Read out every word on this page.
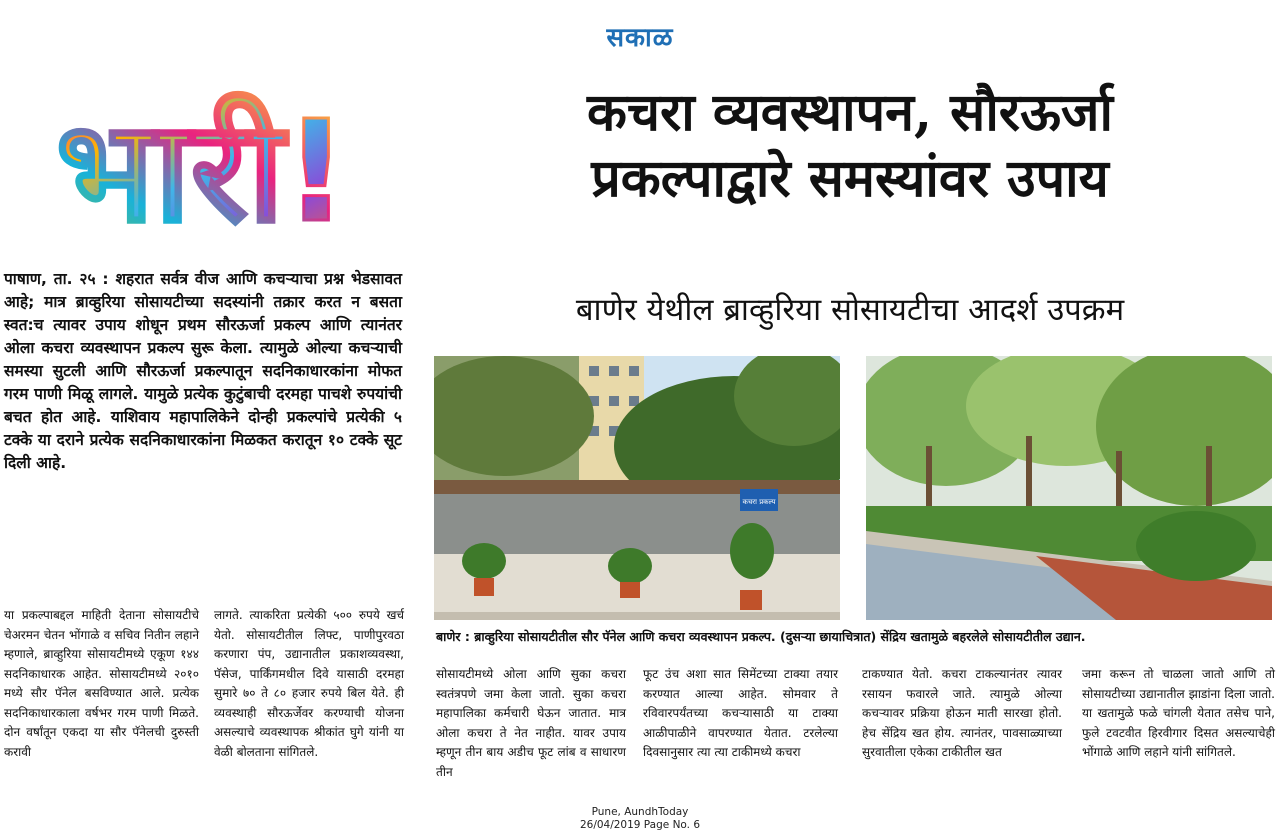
सकाळ
भारी!	कचरा व्यवस्थापन, सौरऊर्जा
प्रकल्पाद्वारे समस्यांवर उपाय
बाणेर येथील ब्राव्हुरिया सोसायटीचा आदर्श उपक्रम
पाषाण, ता. २५ : शहरात सर्वत्र वीज आणि कचऱ्याचा प्रश्न भेडसावत आहे; मात्र ब्राव्हुरिया सोसायटीच्या सदस्यांनी तक्रार करत न बसता स्वत:च त्यावर उपाय शोधून प्रथम सौरऊर्जा प्रकल्प आणि त्यानंतर ओला कचरा व्यवस्थापन प्रकल्प सुरू केला. त्यामुळे ओल्या कचऱ्याची समस्या सुटली आणि सौरऊर्जा प्रकल्पातून सदनिकाधारकांना मोफत गरम पाणी मिळू लागले. यामुळे प्रत्येक कुटुंबाची दरमहा पाचशे रुपयांची बचत होत आहे. याशिवाय महापालिकेने दोन्ही प्रकल्पांचे प्रत्येकी ५ टक्के या दराने प्रत्येक सदनिकाधारकांना मिळकत करातून १० टक्के सूट दिली आहे.
या प्रकल्पाबद्दल माहिती देताना सोसायटीचे चेअरमन चेतन भोंगाळे व सचिव नितीन लहाने म्हणाले, ब्राव्हुरिया सोसायटीमध्ये एकूण १४४ सदनिकाधारक आहेत. सोसायटीमध्ये २०१० मध्ये सौर पॅनेल बसविण्यात आले. प्रत्येक सदनिकाधारकाला वर्षभर गरम पाणी मिळते. दोन वर्षांतून एकदा या सौर पॅनेलची दुरुस्ती करावी
लागते. त्याकरिता प्रत्येकी ५०० रुपये खर्च येतो. सोसायटीतील लिफ्ट, पाणीपुरवठा करणारा पंप, उद्यानातील प्रकाशव्यवस्था, पॅसेज, पार्किंगमधील दिवे यासाठी दरमहा सुमारे ७० ते ८० हजार रुपये बिल येते. ही व्यवस्थाही सौरऊर्जेवर करण्याची योजना असल्याचे व्यवस्थापक श्रीकांत घुगे यांनी या वेळी बोलताना सांगितले.
कचरा प्रकल्प
बाणेर : ब्राव्हुरिया सोसायटीतील सौर पॅनेल आणि कचरा व्यवस्थापन प्रकल्प. (दुसऱ्या छायाचित्रात) सेंद्रिय खतामुळे बहरलेले सोसायटीतील उद्यान.
सोसायटीमध्ये ओला आणि सुका कचरा स्वतंत्रपणे जमा केला जातो. सुका कचरा महापालिका कर्मचारी घेऊन जातात. मात्र ओला कचरा ते नेत नाहीत. यावर उपाय म्हणून तीन बाय अडीच फूट लांब व साधारण तीन
फूट उंच अशा सात सिमेंटच्या टाक्या तयार करण्यात आल्या आहेत. सोमवार ते रविवारपर्यंतच्या कचऱ्यासाठी या टाक्या आळीपाळीने वापरण्यात येतात. टरलेल्या दिवसानुसार त्या त्या टाकीमध्ये कचरा
टाकण्यात येतो. कचरा टाकल्यानंतर त्यावर रसायन फवारले जाते. त्यामुळे ओल्या कचऱ्यावर प्रक्रिया होऊन माती सारखा होतो. हेच सेंद्रिय खत होय. त्यानंतर, पावसाळ्याच्या सुरवातीला एकेका टाकीतील खत
जमा करून तो चाळला जातो आणि तो सोसायटीच्या उद्यानातील झाडांना दिला जातो. या खतामुळे फळे चांगली येतात तसेच पाने, फुले टवटवीत हिरवीगार दिसत असल्याचेही भोंगाळे आणि लहाने यांनी सांगितले.
Pune, AundhToday
26/04/2019 Page No. 6
